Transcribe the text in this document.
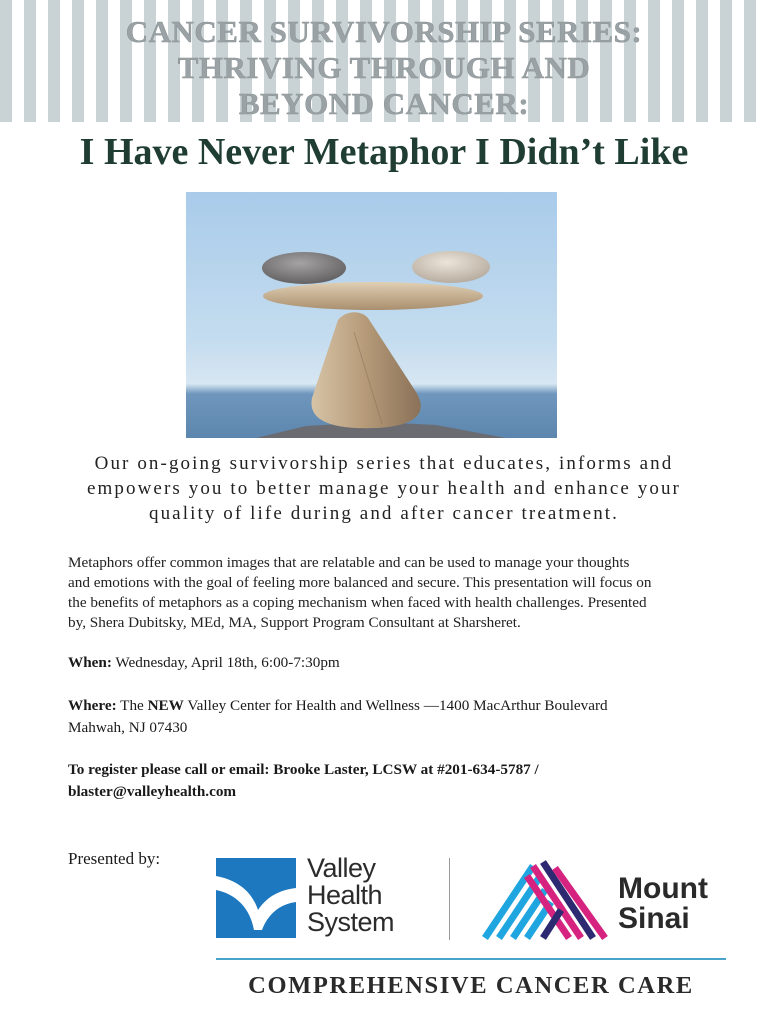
CANCER SURVIVORSHIP SERIES:
THRIVING THROUGH AND
BEYOND CANCER:
I Have Never Metaphor I Didn’t Like
Our on-going survivorship series that educates, informs and
empowers you to better manage your health and enhance your
quality of life during and after cancer treatment.
Metaphors offer common images that are relatable and can be used to manage your thoughts
and emotions with the goal of feeling more balanced and secure. This presentation will focus on
the benefits of metaphors as a coping mechanism when faced with health challenges. Presented
by, Shera Dubitsky, MEd, MA, Support Program Consultant at Sharsheret.
When: Wednesday, April 18th, 6:00-7:30pm
Where: The NEW Valley Center for Health and Wellness —1400 MacArthur Boulevard
Mahwah, NJ 07430
To register please call or email: Brooke Laster, LCSW at #201-634-5787 /
blaster@valleyhealth.com
Presented by:	Valley
Health
System
Mount
Sinai
COMPREHENSIVE CANCER CARE
